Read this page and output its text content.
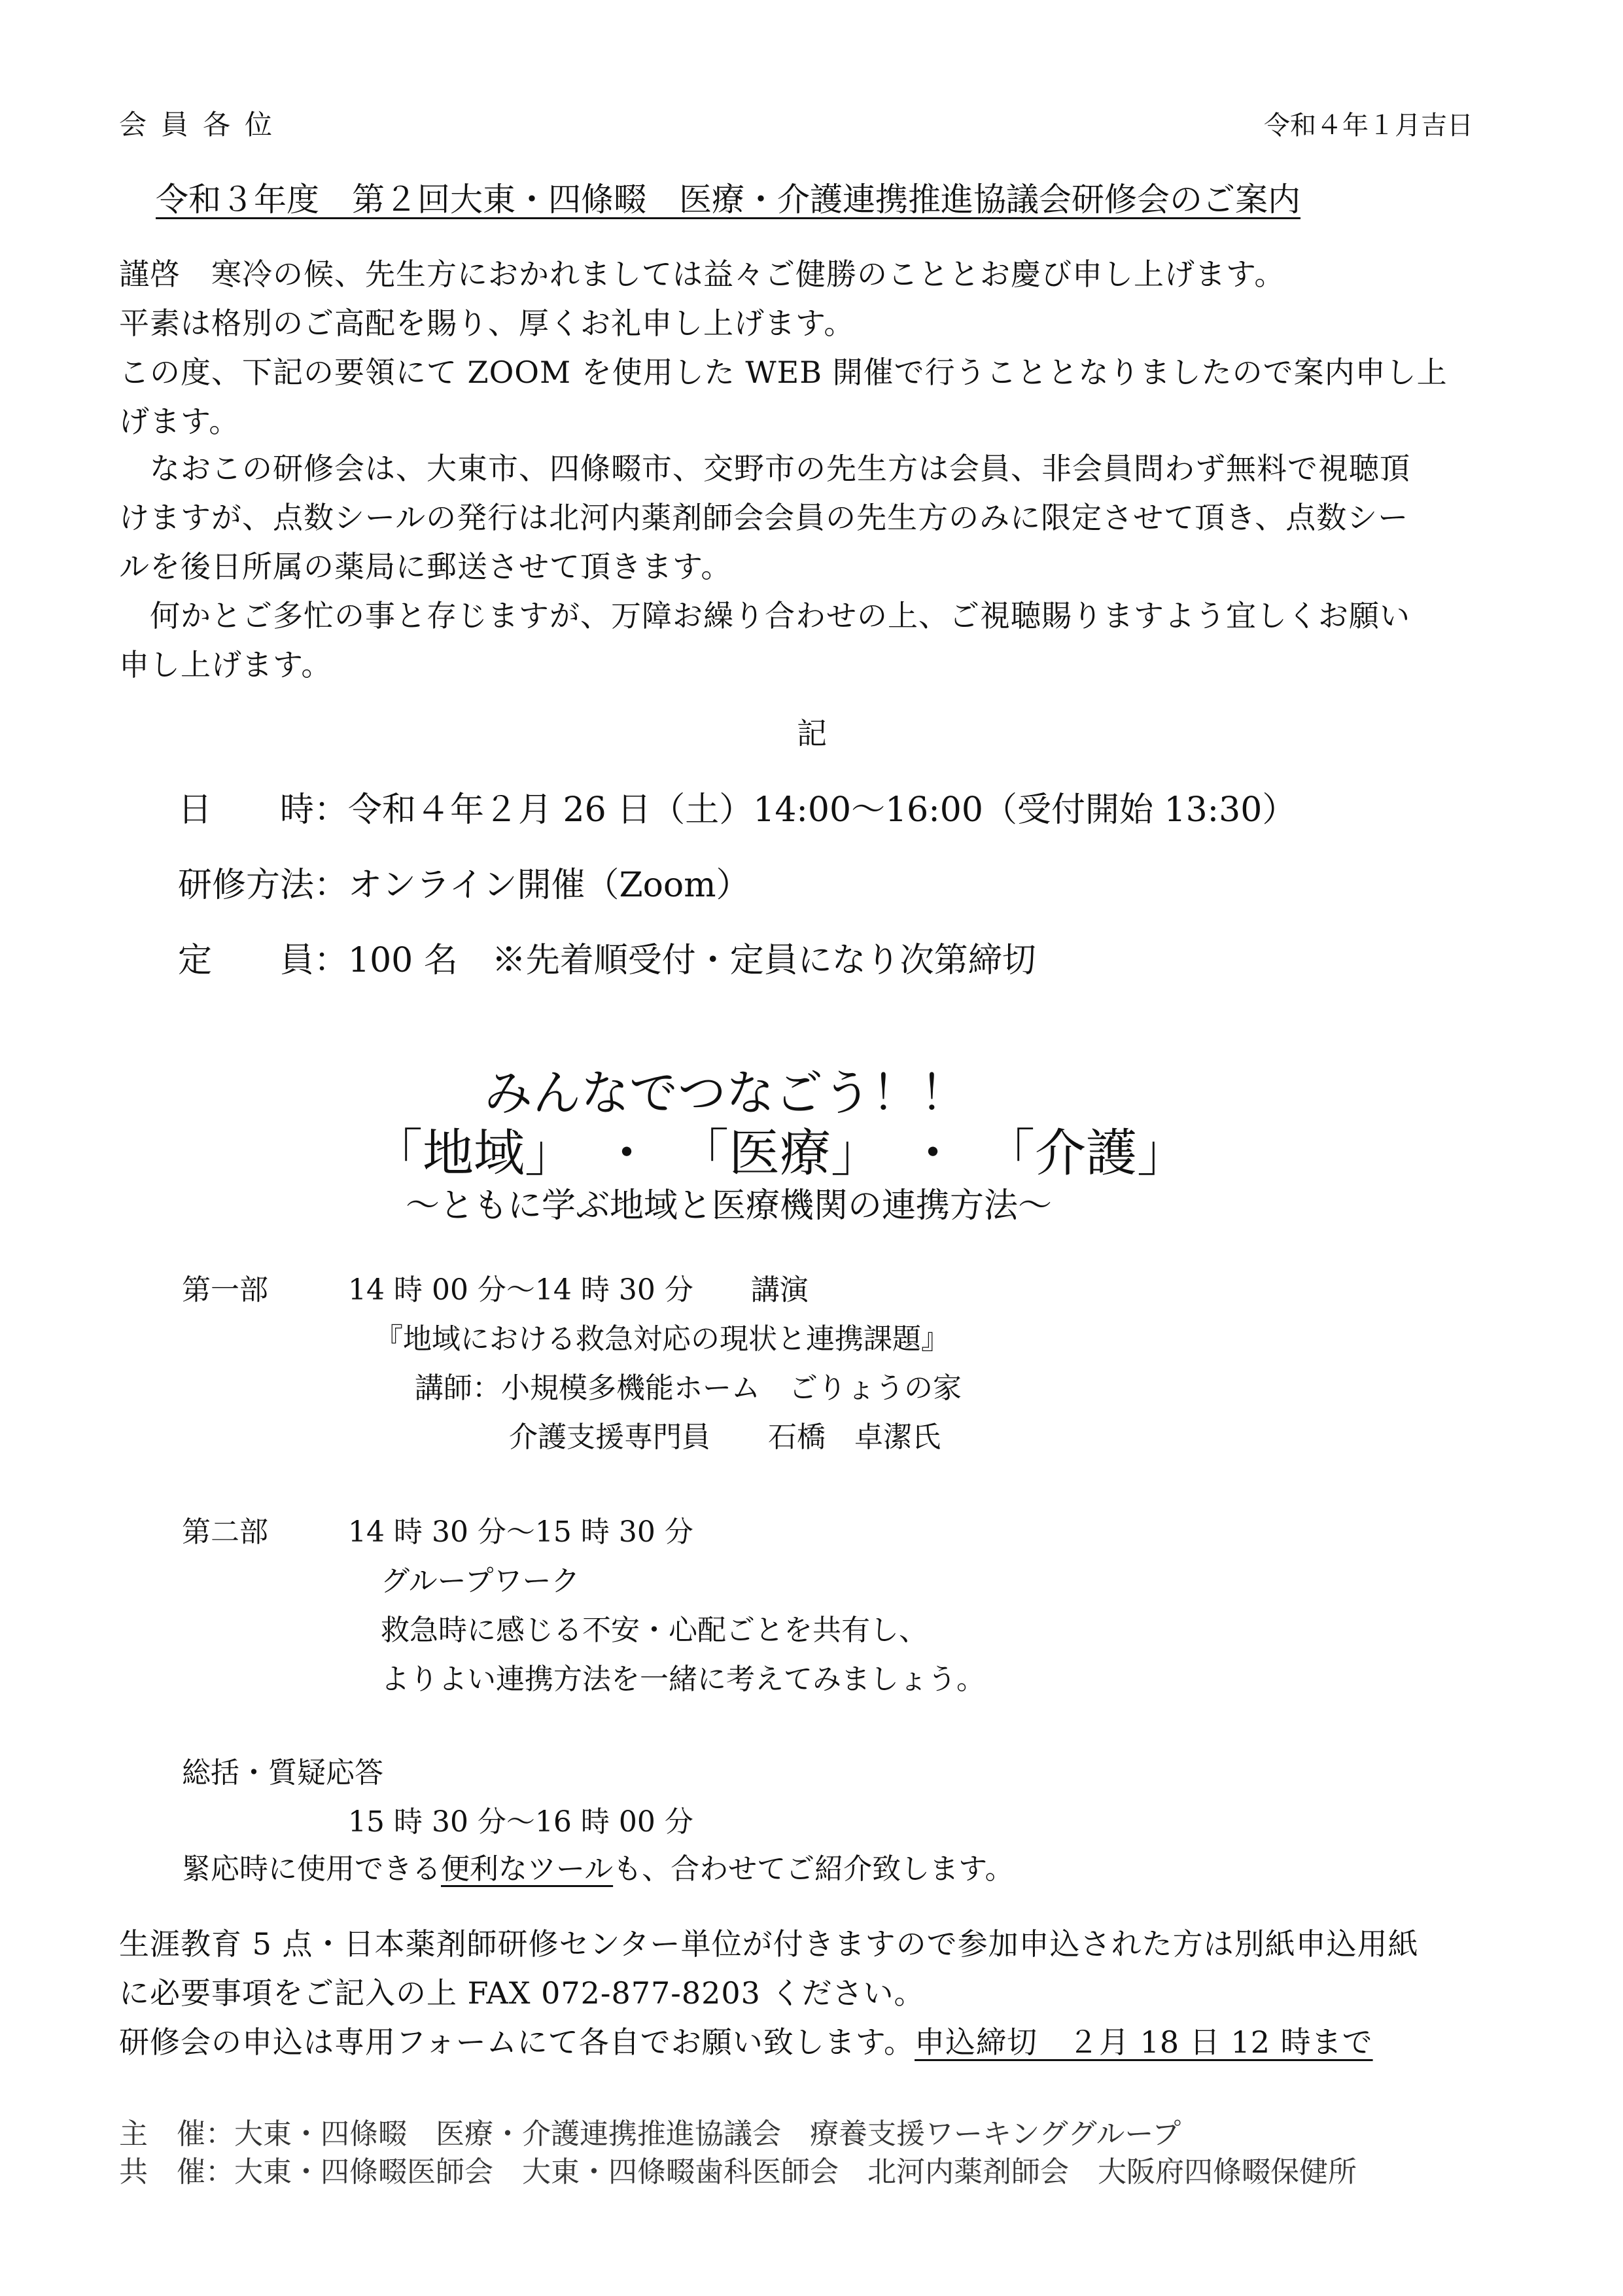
会員各位	令和４年１月吉日
令和３年度　第２回大東・四條畷　医療・介護連携推進協議会研修会のご案内
謹啓　寒冷の候、先生方におかれましては益々ご健勝のこととお慶び申し上げます。
平素は格別のご高配を賜り、厚くお礼申し上げます。
この度、下記の要領にて ZOOM を使用した WEB 開催で行うこととなりましたので案内申し上
げます。
　なおこの研修会は、大東市、四條畷市、交野市の先生方は会員、非会員問わず無料で視聴頂
けますが、点数シールの発行は北河内薬剤師会会員の先生方のみに限定させて頂き、点数シー
ルを後日所属の薬局に郵送させて頂きます。
　何かとご多忙の事と存じますが、万障お繰り合わせの上、ご視聴賜りますよう宜しくお願い
申し上げます。
記
日　　時：令和４年２月 26 日（土）14:00～16:00（受付開始 13:30）
研修方法：オンライン開催（Zoom）
定　　員：100 名　※先着順受付・定員になり次第締切
みんなでつなごう！！
「地域」　・　「医療」　・　「介護」
～ともに学ぶ地域と医療機関の連携方法～
第一部	14 時 00 分～14 時 30 分　　講演
『地域における救急対応の現状と連携課題』
講師：小規模多機能ホーム　ごりょうの家
介護支援専門員　　石橋　卓潔氏
第二部	14 時 30 分～15 時 30 分
グループワーク
救急時に感じる不安・心配ごとを共有し、
よりよい連携方法を一緒に考えてみましょう。
総括・質疑応答
15 時 30 分～16 時 00 分
緊応時に使用できる便利なツールも、合わせてご紹介致します。
生涯教育 5 点・日本薬剤師研修センター単位が付きますので参加申込された方は別紙申込用紙
に必要事項をご記入の上 FAX 072-877-8203 ください。
研修会の申込は専用フォームにて各自でお願い致します。申込締切　２月 18 日 12 時まで
主　催：大東・四條畷　医療・介護連携推進協議会　療養支援ワーキンググループ
共　催：大東・四條畷医師会　大東・四條畷歯科医師会　北河内薬剤師会　大阪府四條畷保健所
